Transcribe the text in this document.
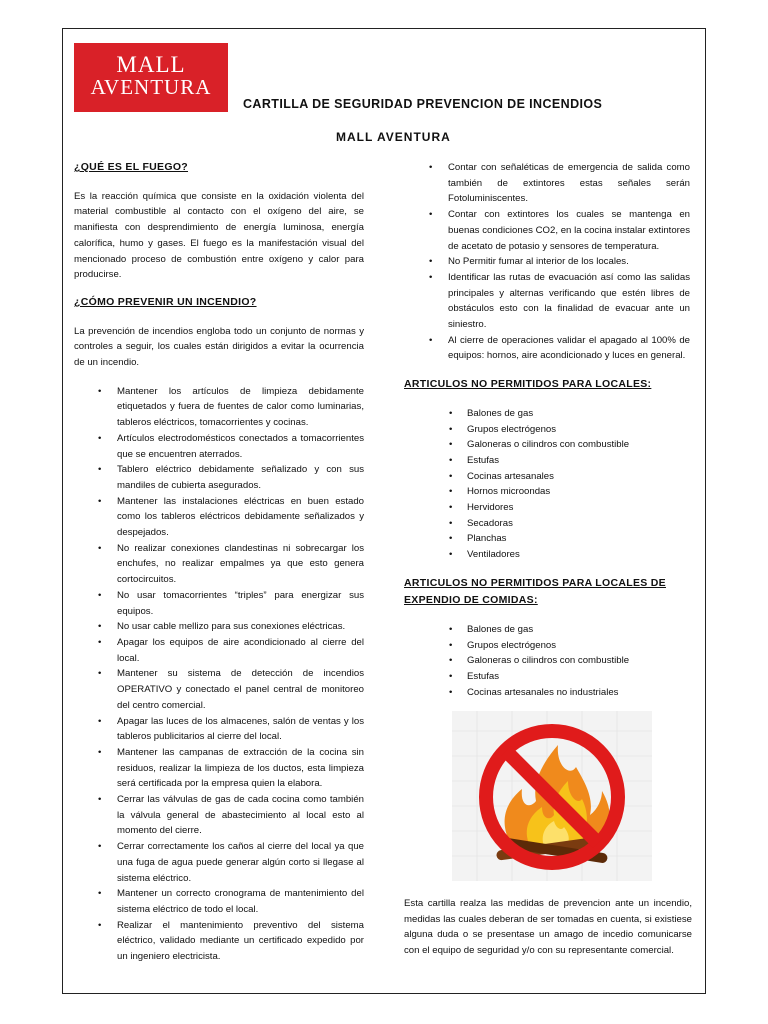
MALL
AVENTURA
CARTILLA DE SEGURIDAD PREVENCION DE INCENDIOS
MALL AVENTURA
¿QUÉ ES EL FUEGO?

Es la reacción química que consiste en la oxidación violenta del material combustible al contacto con el oxígeno del aire, se manifiesta con desprendimiento de energía luminosa, energía calorífica, humo y gases. El fuego es la manifestación visual del mencionado proceso de combustión entre oxígeno y calor para producirse.

¿CÓMO PREVENIR UN INCENDIO?

La prevención de incendios engloba todo un conjunto de normas y controles a seguir, los cuales están dirigidos a evitar la ocurrencia de un incendio.

• Mantener los artículos de limpieza debidamente etiquetados y fuera de fuentes de calor como luminarias, tableros eléctricos, tomacorrientes y cocinas.
• Artículos electrodomésticos conectados a tomacorrientes que se encuentren aterrados.
• Tablero eléctrico debidamente señalizado y con sus mandiles de cubierta asegurados.
• Mantener las instalaciones eléctricas en buen estado como los tableros eléctricos debidamente señalizados y despejados.
• No realizar conexiones clandestinas ni sobrecargar los enchufes, no realizar empalmes ya que esto genera cortocircuitos.
• No usar tomacorrientes “triples” para energizar sus equipos.
• No usar cable mellizo para sus conexiones eléctricas.
• Apagar los equipos de aire acondicionado al cierre del local.
• Mantener su sistema de detección de incendios OPERATIVO y conectado el panel central de monitoreo del centro comercial.
• Apagar las luces de los almacenes, salón de ventas y los tableros publicitarios al cierre del local.
• Mantener las campanas de extracción de la cocina sin residuos, realizar la limpieza de los ductos, esta limpieza será certificada por la empresa quien la elabora.
• Cerrar las válvulas de gas de cada cocina como también la válvula general de abastecimiento al local esto al momento del cierre.
• Cerrar correctamente los caños al cierre del local ya que una fuga de agua puede generar algún corto si llegase al sistema eléctrico.
• Mantener un correcto cronograma de mantenimiento del sistema eléctrico de todo el local.
• Realizar el mantenimiento preventivo del sistema eléctrico, validado mediante un certificado expedido por un ingeniero electricista.
• Contar con señaléticas de emergencia de salida como también de extintores estas señales serán Fotoluminiscentes.
• Contar con extintores los cuales se mantenga en buenas condiciones CO2, en la cocina instalar extintores de acetato de potasio y sensores de temperatura.
• No Permitir fumar al interior de los locales.
• Identificar las rutas de evacuación así como las salidas principales y alternas verificando que estén libres de obstáculos esto con la finalidad de evacuar ante un siniestro.
• Al cierre de operaciones validar el apagado al 100% de equipos: hornos, aire acondicionado y luces en general.
ARTICULOS NO PERMITIDOS PARA LOCALES:
• Balones de gas
• Grupos electrógenos
• Galoneras o cilindros con combustible
• Estufas
• Cocinas artesanales
• Hornos microondas
• Hervidores
• Secadoras
• Planchas
• Ventiladores
ARTICULOS NO PERMITIDOS PARA LOCALES DE EXPENDIO DE COMIDAS:
• Balones de gas
• Grupos electrógenos
• Galoneras o cilindros con combustible
• Estufas
• Cocinas artesanales no industriales
Esta cartilla realza las medidas de prevencion ante un incendio, medidas las cuales deberan de ser tomadas en cuenta, si existiese alguna duda o se presentase un amago de incedio comunicarse con el equipo de seguridad y/o con su representante comercial.
